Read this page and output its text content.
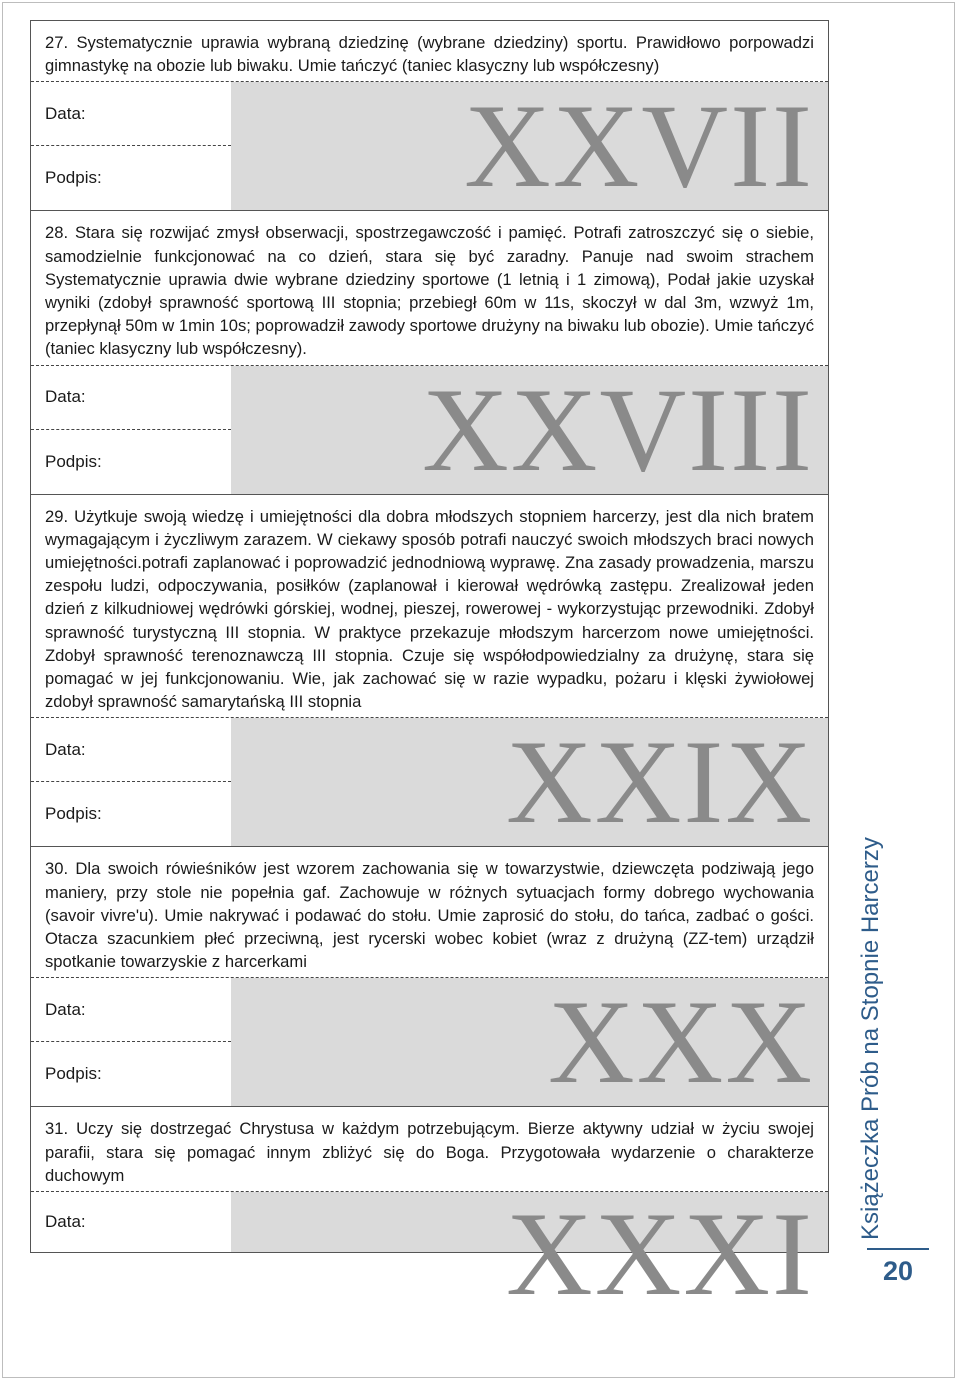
27. Systematycznie uprawia wybraną dziedzinę (wybrane dziedziny) sportu. Prawidłowo porpowadzi gimnastykę na obozie lub biwaku. Umie tańczyć (taniec klasyczny lub współczesny)

Data:
Podpis:	XXVII

28. Stara się rozwijać zmysł obserwacji, spostrzegawczość i pamięć. Potrafi zatroszczyć się o siebie, samodzielnie funkcjonować na co dzień, stara się być zaradny. Panuje nad swoim strachem Systematycznie uprawia dwie wybrane dziedziny sportowe (1 letnią i 1 zimową), Podał jakie uzyskał wyniki (zdobył sprawność sportową III stopnia; przebiegł 60m w 11s, skoczył w dal 3m, wzwyż 1m, przepłynął 50m w 1min 10s; poprowadził zawody sportowe drużyny na biwaku lub obozie). Umie tańczyć (taniec klasyczny lub współczesny).

Data:
Podpis:	XXVIII

29. Użytkuje swoją wiedzę i umiejętności dla dobra młodszych stopniem harcerzy, jest dla nich bratem wymagającym i życzliwym zarazem. W ciekawy sposób potrafi nauczyć swoich młodszych braci nowych umiejętności.potrafi zaplanować i poprowadzić jednodniową wyprawę. Zna zasady prowadzenia, marszu zespołu ludzi, odpoczywania, posiłków (zaplanował i kierował wędrówką zastępu. Zrealizował jeden dzień z kilkudniowej wędrówki górskiej, wodnej, pieszej, rowerowej - wykorzystując przewodniki. Zdobył sprawność turystyczną III stopnia. W praktyce przekazuje młodszym harcerzom nowe umiejętności. Zdobył sprawność terenoznawczą III stopnia. Czuje się współodpowiedzialny za drużynę, stara się pomagać w jej funkcjonowaniu. Wie, jak zachować się w razie wypadku, pożaru i klęski żywiołowej zdobył sprawność samarytańską III stopnia

Data:
Podpis:	XXIX

30. Dla swoich rówieśników jest wzorem zachowania się w towarzystwie, dziewczęta podziwają jego maniery, przy stole nie popełnia gaf. Zachowuje w różnych sytuacjach formy dobrego wychowania (savoir vivre'u). Umie nakrywać i podawać do stołu. Umie zaprosić do stołu, do tańca, zadbać o gości. Otacza szacunkiem płeć przeciwną, jest rycerski wobec kobiet (wraz z drużyną (ZZ-tem) urządził spotkanie towarzyskie z harcerkami

Data:
Podpis:	XXX

31. Uczy się dostrzegać Chrystusa w każdym potrzebującym. Bierze aktywny udział w życiu swojej parafii, stara się pomagać innym zbliżyć się do Boga. Przygotowała wydarzenie o charakterze duchowym

Data:	XXXI
Książeczka Prób na Stopnie Harcerzy
20
